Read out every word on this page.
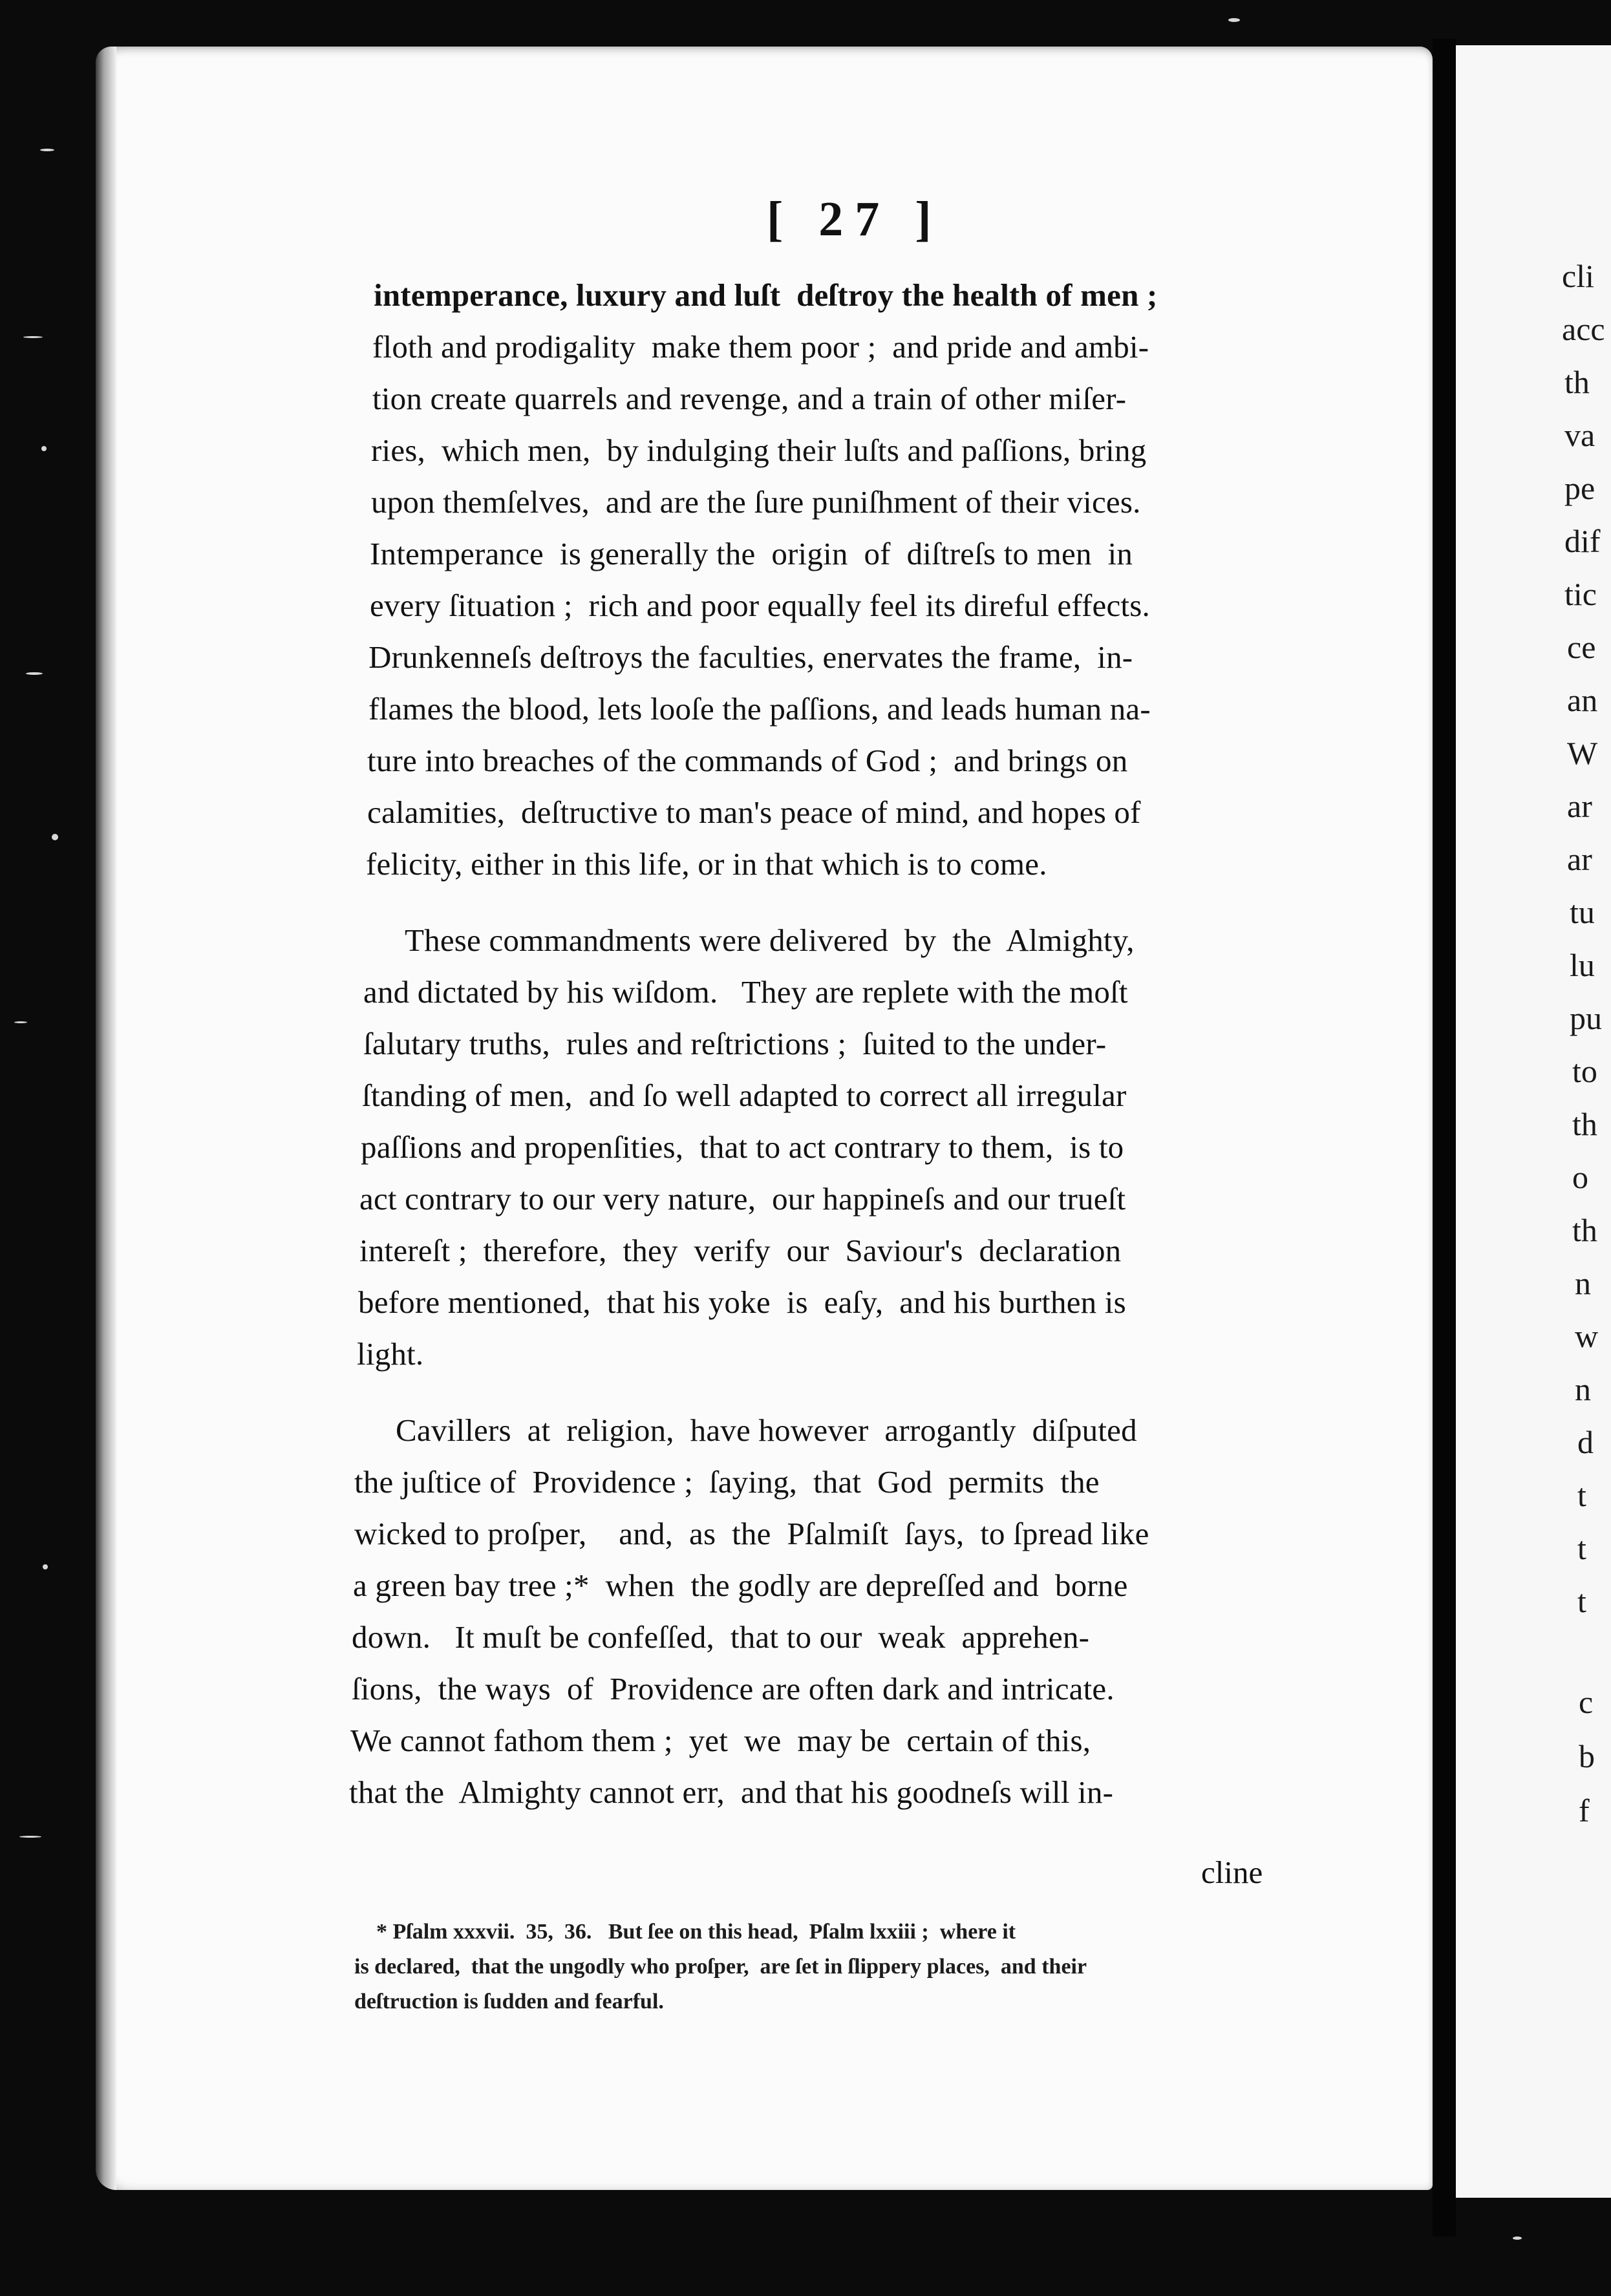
cli
acc
th
va
pe
dif
tic
ce
an
W
ar
ar
tu
lu
pu
to
th
o
th
n
w
n
d
t
t
t
c
b
f
[ 27 ]
intemperance, luxury and luſt  deſtroy the health of men ;
floth and prodigality  make them poor ;  and pride and ambi-
tion create quarrels and revenge, and a train of other miſer-
ries,  which men,  by indulging their luſts and paſſions, bring
upon themſelves,  and are the ſure puniſhment of their vices.
Intemperance  is generally the  origin  of  diſtreſs to men  in
every ſituation ;  rich and poor equally feel its direful effects.
Drunkenneſs deſtroys the faculties, enervates the frame,  in-
flames the blood, lets looſe the paſſions, and leads human na-
ture into breaches of the commands of God ;  and brings on
calamities,  deſtructive to man's peace of mind, and hopes of
felicity, either in this life, or in that which is to come.
These commandments were delivered  by  the  Almighty,
and dictated by his wiſdom.   They are replete with the moſt
ſalutary truths,  rules and reſtrictions ;  ſuited to the under-
ſtanding of men,  and ſo well adapted to correct all irregular
paſſions and propenſities,  that to act contrary to them,  is to
act contrary to our very nature,  our happineſs and our trueſt
intereſt ;  therefore,  they  verify  our  Saviour's  declaration
before mentioned,  that his yoke  is  eaſy,  and his burthen is
light.
Cavillers  at  religion,  have however  arrogantly  diſputed
the juſtice of  Providence ;  ſaying,  that  God  permits  the
wicked to proſper,    and,  as  the  Pſalmiſt  ſays,  to ſpread like
a green bay tree ;*  when  the godly are depreſſed and  borne
down.   It muſt be confeſſed,  that to our  weak  apprehen-
ſions,  the ways  of  Providence are often dark and intricate.
We cannot fathom them ;  yet  we  may be  certain of this,
that the  Almighty cannot err,  and that his goodneſs will in-
cline
* Pſalm xxxvii.  35,  36.   But ſee on this head,  Pſalm lxxiii ;  where it
is declared,  that the ungodly who proſper,  are ſet in ſlippery places,  and their
deſtruction is ſudden and fearful.
